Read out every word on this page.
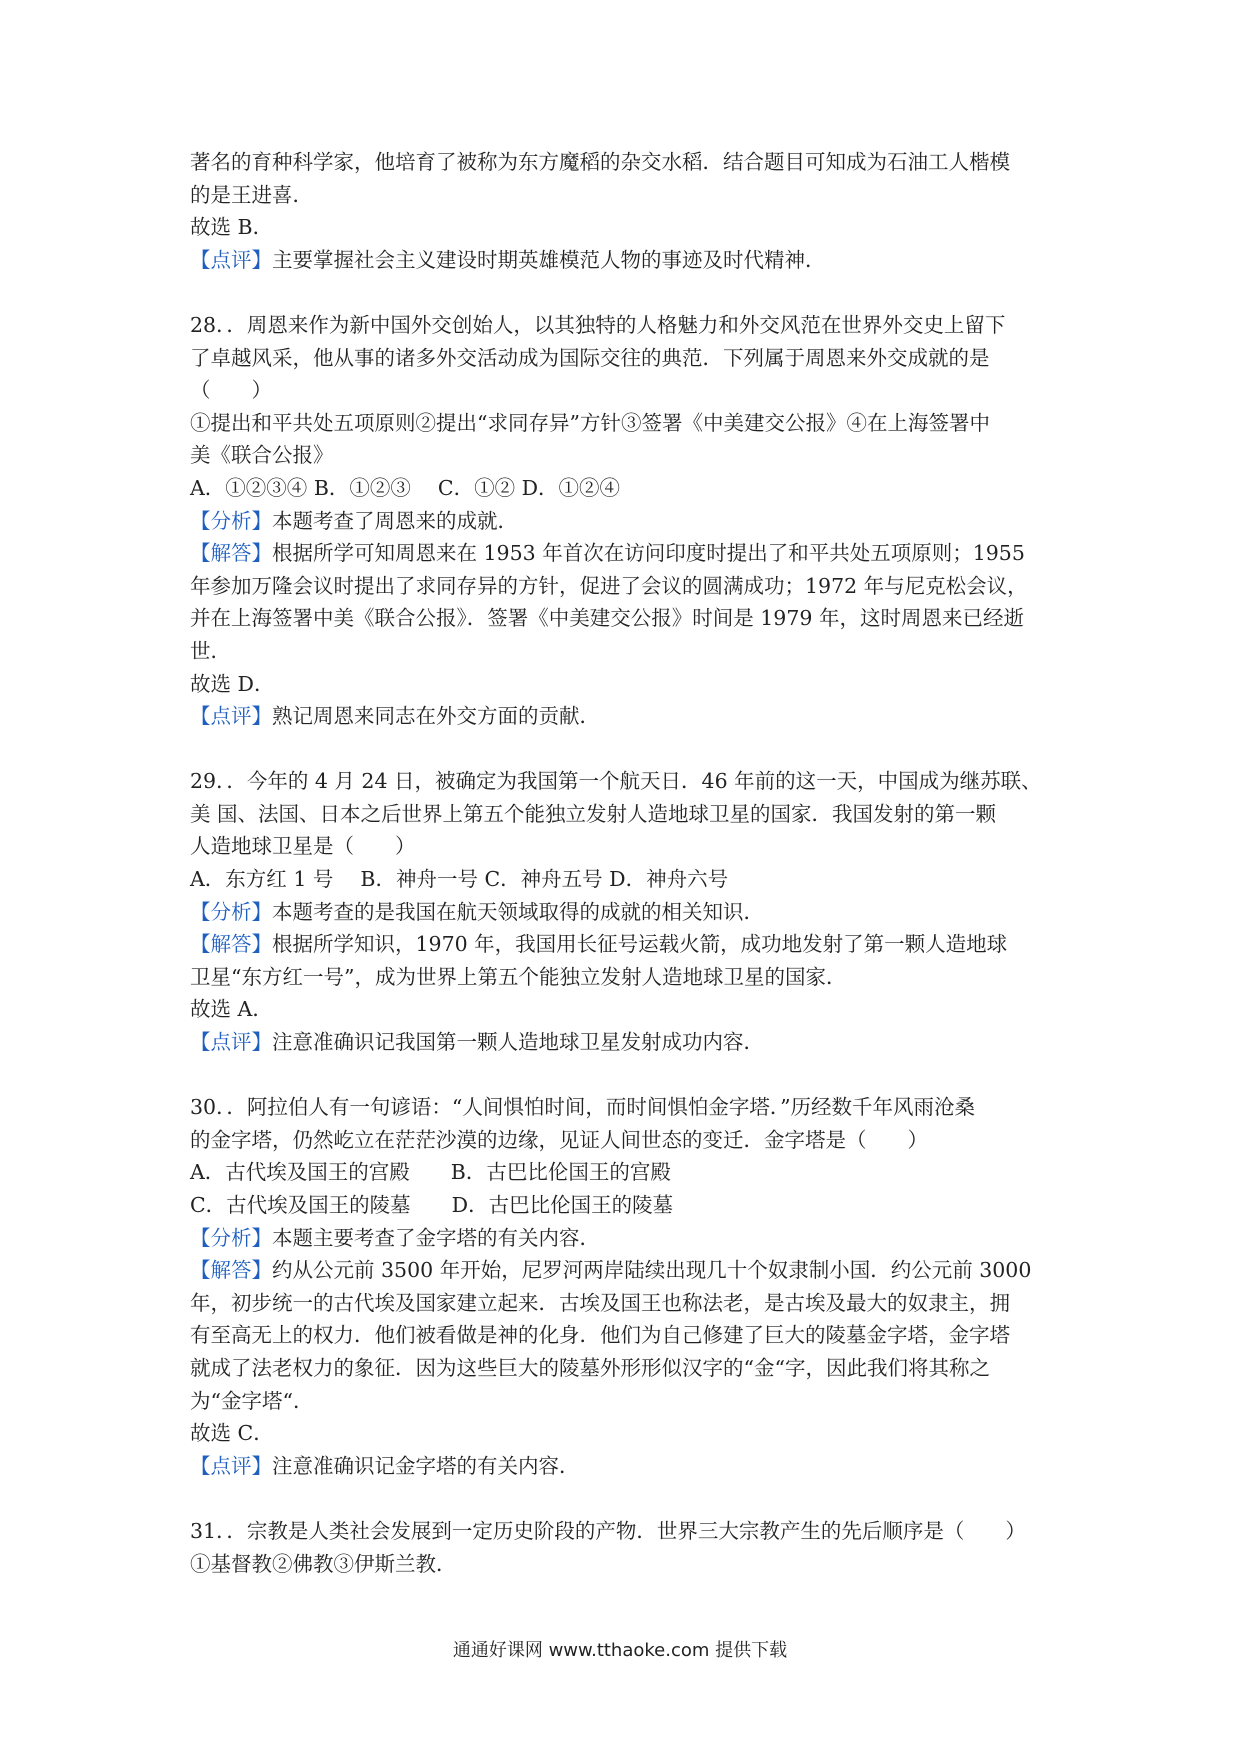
著名的育种科学家，他培育了被称为东方魔稻的杂交水稻．结合题目可知成为石油工人楷模
的是王进喜．
故选 B．
【点评】主要掌握社会主义建设时期英雄模范人物的事迹及时代精神．
28．．周恩来作为新中国外交创始人，以其独特的人格魅力和外交风范在世界外交史上留下
了卓越风采，他从事的诸多外交活动成为国际交往的典范．下列属于周恩来外交成就的是
（　　）
①提出和平共处五项原则②提出“求同存异”方针③签署《中美建交公报》④在上海签署中
美《联合公报》
A．①②③④ B．①②③　 C．①② D．①②④
【分析】本题考查了周恩来的成就．
【解答】根据所学可知周恩来在 1953 年首次在访问印度时提出了和平共处五项原则；1955
年参加万隆会议时提出了求同存异的方针，促进了会议的圆满成功；1972 年与尼克松会议，
并在上海签署中美《联合公报》．签署《中美建交公报》时间是 1979 年，这时周恩来已经逝
世．
故选 D．
【点评】熟记周恩来同志在外交方面的贡献．
29．．今年的 4 月 24 日，被确定为我国第一个航天日．46 年前的这一天，中国成为继苏联、
美 国、法国、日本之后世界上第五个能独立发射人造地球卫星的国家．我国发射的第一颗
人造地球卫星是（　　）
A．东方红 1 号　 B．神舟一号 C．神舟五号 D．神舟六号
【分析】本题考查的是我国在航天领域取得的成就的相关知识．
【解答】根据所学知识，1970 年，我国用长征号运载火箭，成功地发射了第一颗人造地球
卫星“东方红一号”，成为世界上第五个能独立发射人造地球卫星的国家．
故选 A．
【点评】注意准确识记我国第一颗人造地球卫星发射成功内容．
30．．阿拉伯人有一句谚语：“人间惧怕时间，而时间惧怕金字塔．”历经数千年风雨沧桑
的金字塔，仍然屹立在茫茫沙漠的边缘，见证人间世态的变迁．金字塔是（　　）
A．古代埃及国王的宫殿　　B．古巴比伦国王的宫殿
C．古代埃及国王的陵墓　　D．古巴比伦国王的陵墓
【分析】本题主要考查了金字塔的有关内容．
【解答】约从公元前 3500 年开始，尼罗河两岸陆续出现几十个奴隶制小国．约公元前 3000
年，初步统一的古代埃及国家建立起来．古埃及国王也称法老，是古埃及最大的奴隶主，拥
有至高无上的权力．他们被看做是神的化身．他们为自己修建了巨大的陵墓金字塔，金字塔
就成了法老权力的象征．因为这些巨大的陵墓外形形似汉字的“金“字，因此我们将其称之
为“金字塔“．
故选 C．
【点评】注意准确识记金字塔的有关内容．
31．．宗教是人类社会发展到一定历史阶段的产物．世界三大宗教产生的先后顺序是（　　）
①基督教②佛教③伊斯兰教．
通通好课网 www.tthaoke.com 提供下载
